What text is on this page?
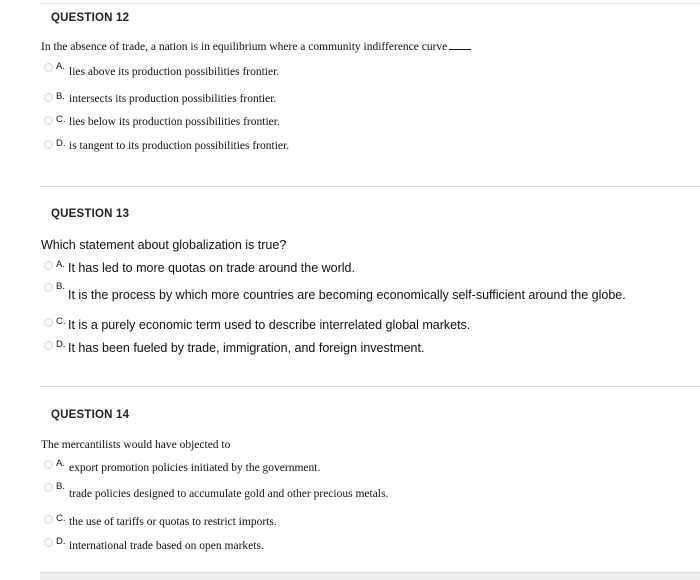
QUESTION 12
In the absence of trade, a nation is in equilibrium where a community indifference curve
A. lies above its production possibilities frontier.
B. intersects its production possibilities frontier.
C. lies below its production possibilities frontier.
D. is tangent to its production possibilities frontier.
QUESTION 13
Which statement about globalization is true?
A. It has led to more quotas on trade around the world.
B.
It is the process by which more countries are becoming economically self-sufficient around the globe.
C. It is a purely economic term used to describe interrelated global markets.
D. It has been fueled by trade, immigration, and foreign investment.
QUESTION 14
The mercantilists would have objected to
A. export promotion policies initiated by the government.
B.
trade policies designed to accumulate gold and other precious metals.
C. the use of tariffs or quotas to restrict imports.
D. international trade based on open markets.
